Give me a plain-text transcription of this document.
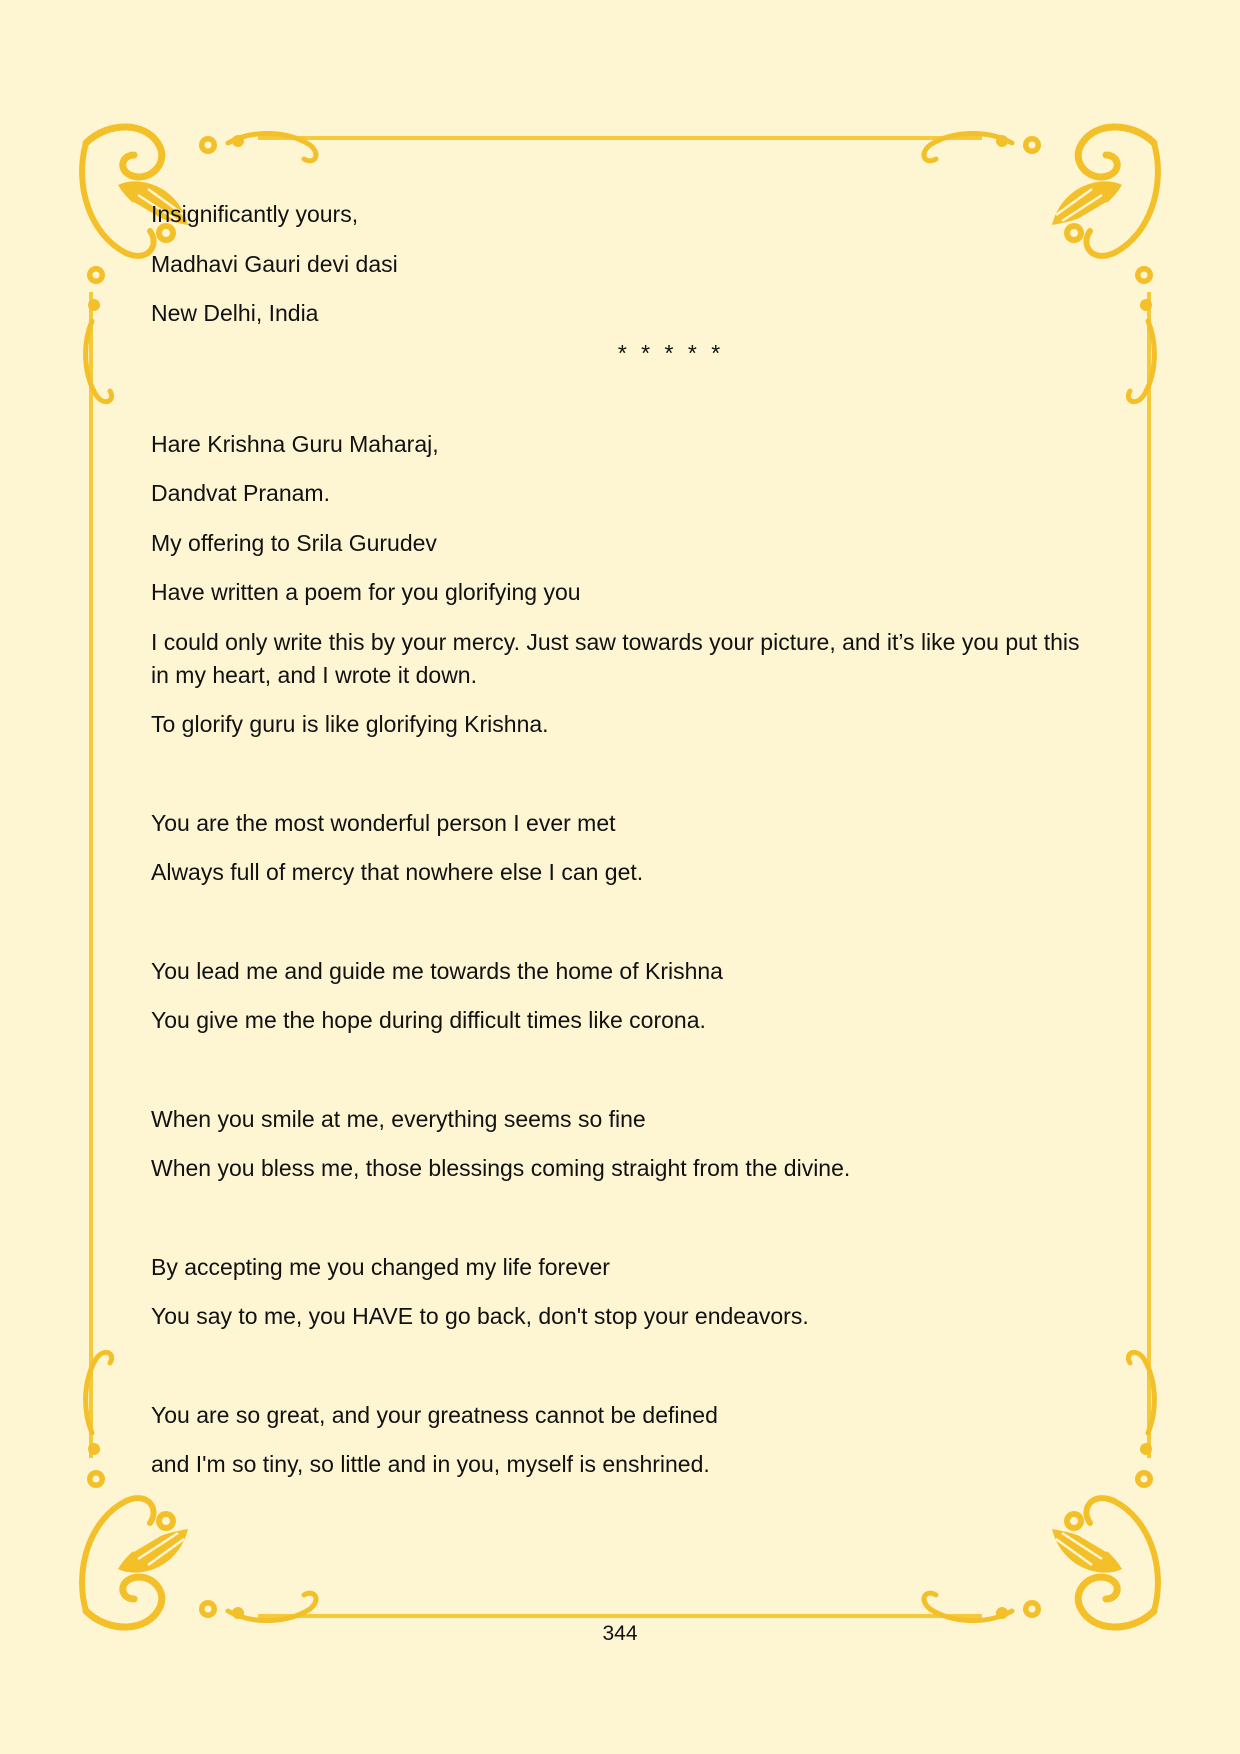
Insignificantly yours,

Madhavi Gauri devi dasi

New Delhi, India

* * * * *

Hare Krishna Guru Maharaj,

Dandvat Pranam.

My offering to Srila Gurudev

Have written a poem for you glorifying you

I could only write this by your mercy. Just saw towards your picture, and it’s like you put this in my heart, and I wrote it down.

To glorify guru is like glorifying Krishna.

You are the most wonderful person I ever met

Always full of mercy that nowhere else I can get.

You lead me and guide me towards the home of Krishna

You give me the hope during difficult times like corona.

When you smile at me, everything seems so fine

When you bless me, those blessings coming straight from the divine.

By accepting me you changed my life forever

You say to me, you HAVE to go back, don't stop your endeavors.

You are so great, and your greatness cannot be defined

and I'm so tiny, so little and in you, myself is enshrined.

344
